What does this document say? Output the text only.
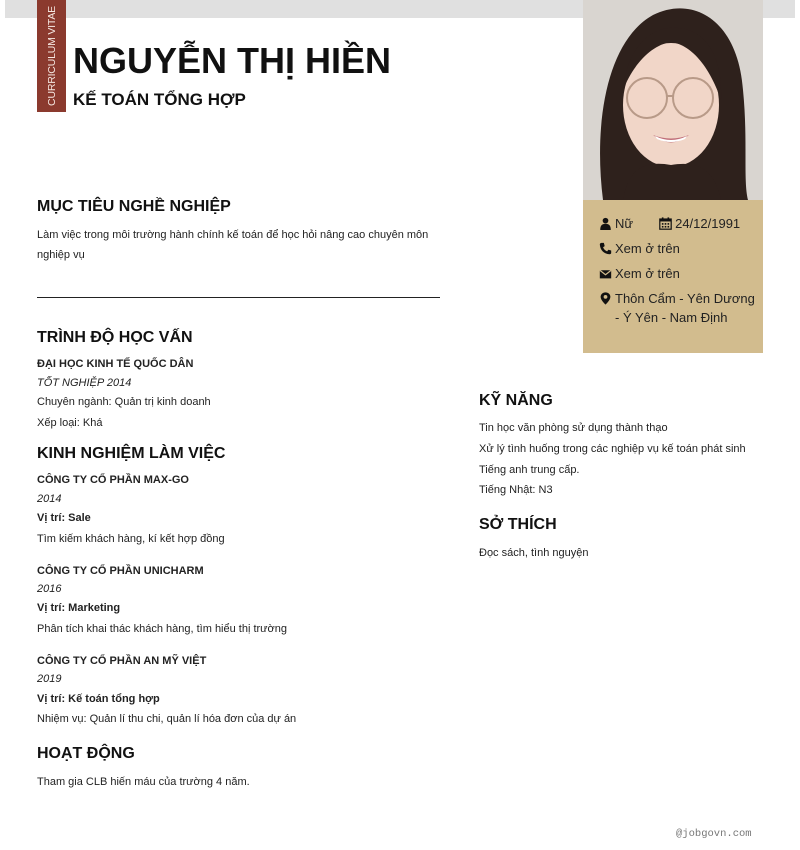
CURRICULUM VITAE NGUYỄN THỊ HIỀN
KẾ TOÁN TỔNG HỢP
Nữ	24/12/1991
Xem ở trên
Xem ở trên
Thôn Cẩm - Yên Dương
- Ý Yên - Nam Định
MỤC TIÊU NGHỀ NGHIỆP
Làm việc trong môi trường hành chính kế toán để học hỏi nâng cao chuyên môn
nghiệp vụ
TRÌNH ĐỘ HỌC VẤN
ĐẠI HỌC KINH TẾ QUỐC DÂN
TỐT NGHIỆP 2014
Chuyên ngành: Quản trị kinh doanh
Xếp loại: Khá
KINH NGHIỆM LÀM VIỆC
CÔNG TY CỔ PHẦN MAX-GO
2014
Vị trí: Sale
Tìm kiếm khách hàng, kí kết hợp đồng
CÔNG TY CỔ PHẦN UNICHARM
2016
Vị trí: Marketing
Phân tích khai thác khách hàng, tìm hiểu thị trường
CÔNG TY CỔ PHẦN AN MỸ VIỆT
2019
Vị trí: Kế toán tổng hợp
Nhiệm vụ: Quản lí thu chi, quản lí hóa đơn của dự án
HOẠT ĐỘNG
Tham gia CLB hiến máu của trường 4 năm.
KỸ NĂNG
Tin học văn phòng sử dụng thành thạo
Xử lý tình huống trong các nghiệp vụ kế toán phát sinh
Tiếng anh trung cấp.
Tiếng Nhật: N3
SỞ THÍCH
Đọc sách, tình nguyện
@jobgovn.com
